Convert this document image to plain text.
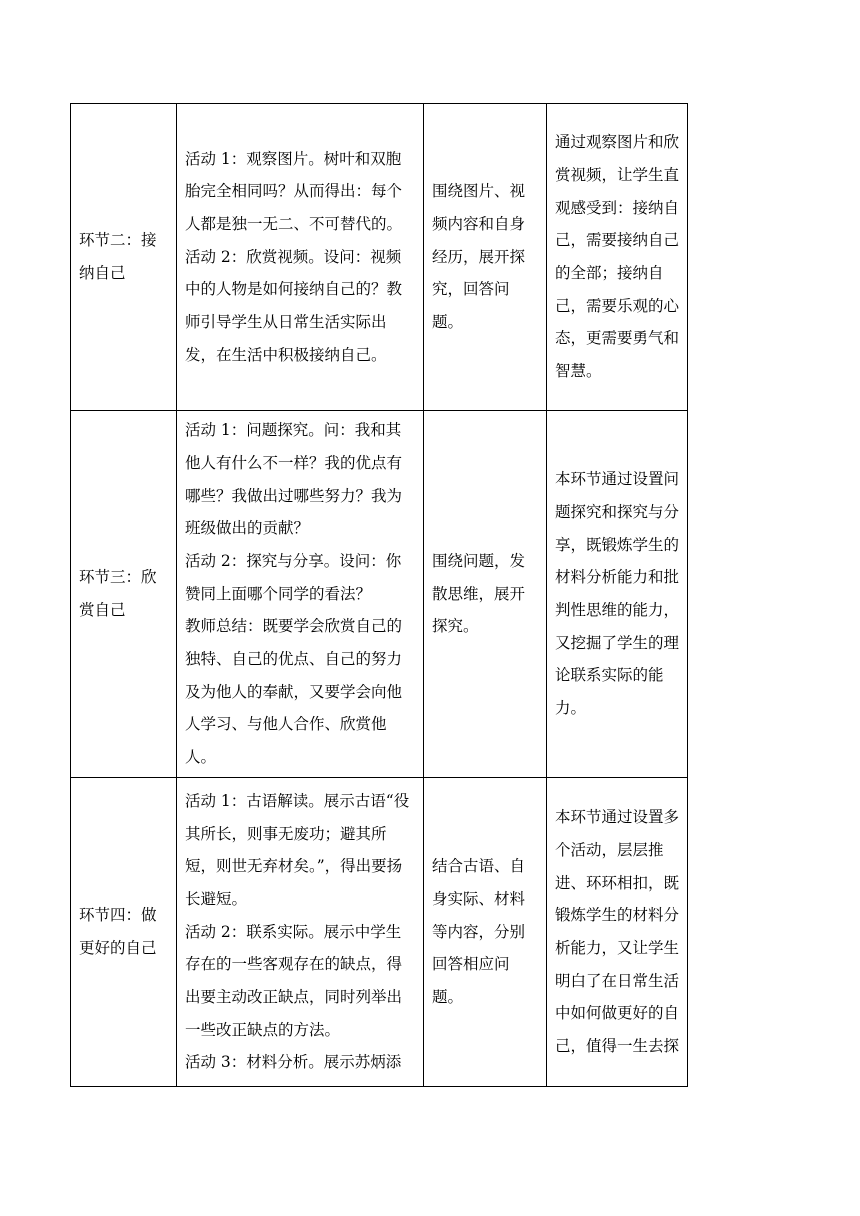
环节二：接纳自己	活动 1：观察图片。树叶和双胞胎完全相同吗？从而得出：每个人都是独一无二、不可替代的。
活动 2：欣赏视频。设问：视频中的人物是如何接纳自己的？教师引导学生从日常生活实际出发，在生活中积极接纳自己。	围绕图片、视频内容和自身经历，展开探究，回答问题。	通过观察图片和欣赏视频，让学生直观感受到：接纳自己，需要接纳自己的全部；接纳自己，需要乐观的心态，更需要勇气和智慧。
环节三：欣赏自己	活动 1：问题探究。问：我和其他人有什么不一样？我的优点有哪些？我做出过哪些努力？我为班级做出的贡献？
活动 2：探究与分享。设问：你赞同上面哪个同学的看法？
教师总结：既要学会欣赏自己的独特、自己的优点、自己的努力及为他人的奉献，又要学会向他人学习、与他人合作、欣赏他人。	围绕问题，发散思维，展开探究。	本环节通过设置问题探究和探究与分享，既锻炼学生的材料分析能力和批判性思维的能力，又挖掘了学生的理论联系实际的能力。
环节四：做更好的自己	活动 1：古语解读。展示古语“役其所长，则事无废功；避其所短，则世无弃材矣。”，得出要扬长避短。
活动 2：联系实际。展示中学生存在的一些客观存在的缺点，得出要主动改正缺点，同时列举出一些改正缺点的方法。
活动 3：材料分析。展示苏炳添	结合古语、自身实际、材料等内容，分别回答相应问题。	本环节通过设置多个活动，层层推进、环环相扣，既锻炼学生的材料分析能力，又让学生明白了在日常生活中如何做更好的自己，值得一生去探
